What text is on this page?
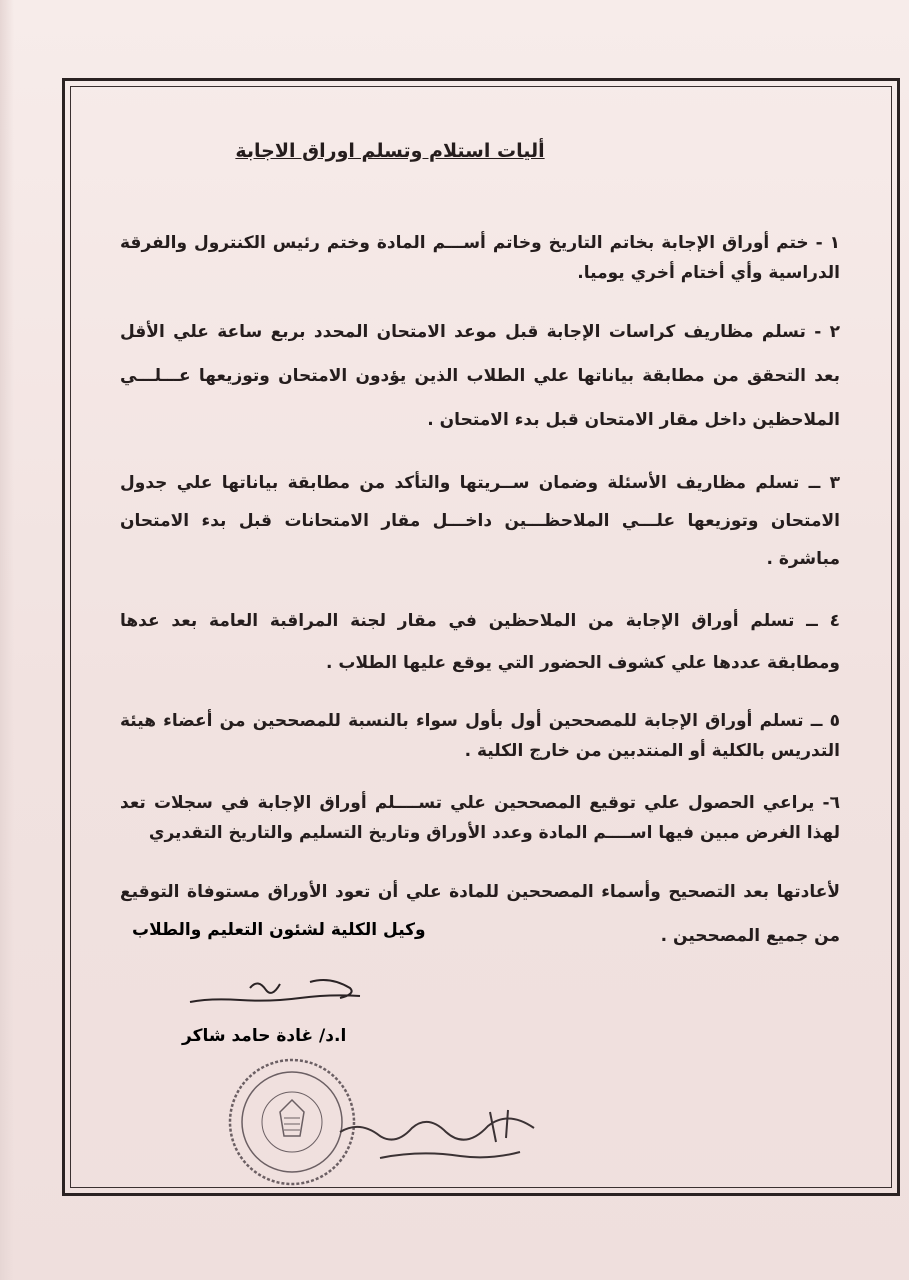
أليات استلام وتسلم اوراق الاجابة
١ - ختم أوراق الإجابة بخاتم التاريخ وخاتم أســـم المادة وختم رئيس الكنترول والفرقة الدراسية وأي أختام أخري يوميا.
٢ - تسلم مظاريف كراسات الإجابة قبل موعد الامتحان المحدد بربع ساعة علي الأقل بعد التحقق من مطابقة بياناتها علي الطلاب الذين يؤدون الامتحان وتوزيعها عـــلـــي الملاحظين داخل مقار الامتحان قبل بدء الامتحان .
٣ ــ تسلم مظاريف الأسئلة وضمان ســريتها والتأكد من مطابقة بياناتها علي جدول الامتحان وتوزيعها علـــي الملاحظـــين داخـــل مقار الامتحانات قبل بدء الامتحان مباشرة .
٤ ــ تسلم أوراق الإجابة من الملاحظين في مقار لجنة المراقبة العامة بعد عدها ومطابقة عددها علي كشوف الحضور التي يوقع عليها الطلاب .
٥ ــ تسلم أوراق الإجابة للمصححين أول بأول سواء بالنسبة للمصححين من أعضاء هيئة التدريس بالكلية أو المنتدبين من خارج الكلية .
٦- يراعي الحصول علي توقيع المصححين علي تســــلم أوراق الإجابة في سجلات تعد لهذا الغرض مبين فيها اســــم المادة وعدد الأوراق وتاريخ التسليم والتاريخ التقديري
لأعادتها بعد التصحيح وأسماء المصححين للمادة علي أن تعود الأوراق مستوفاة التوقيع من جميع المصححين .
وكيل الكلية لشئون التعليم والطلاب
ا.د/ غادة حامد شاكر
